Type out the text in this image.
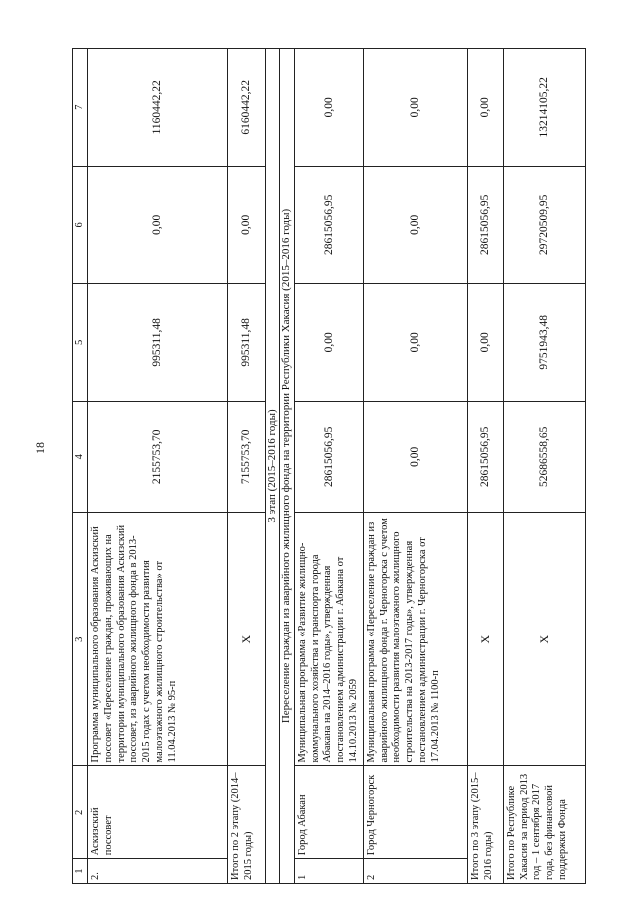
18
1	2	3	4	5	6	7
2.	Аскизский поссовет	Программа муниципального образования Аскизский поссовет «Переселение граждан, проживающих на территории муниципального образования Аскизский поссовет, из аварийного жилищного фонда в 2013-2015 годах с учетом необходимости развития малоэтажного жилищного строительства» от 11.04.2013 № 95-п	2155753,70	995311,48	0,00	1160442,22
Итого по 2 этапу (2014–2015 годы)		X	7155753,70	995311,48	0,00	6160442,22
3 этап (2015–2016 годы)						
Переселение граждан из аварийного жилищного фонда на территории Республики Хакасия (2015–2016 годы)						
1	Город Абакан	Муниципальная программа «Развитие жилищно-коммунального хозяйства и транспорта города Абакана на 2014–2016 годы», утвержденная постановлением администрации г. Абакана от 14.10.2013 № 2059	28615056,95	0,00	28615056,95	0,00
2	Город Черногорск	Муниципальная программа «Переселение граждан из аварийного жилищного фонда г. Черногорска с учетом необходимости развития малоэтажного жилищного строительства на 2013-2017 годы», утвержденная постановлением администрации г. Черногорска от 17.04.2013 № 1100-п	0,00	0,00	0,00	0,00
Итого по 3 этапу (2015–2016 годы)		X	28615056,95	0,00	28615056,95	0,00
Итого по Республике Хакасия за период 2013 год – 1 сентября 2017 года, без финансовой поддержки Фонда		X	52686558,65	9751943,48	29720509,95	13214105,22
